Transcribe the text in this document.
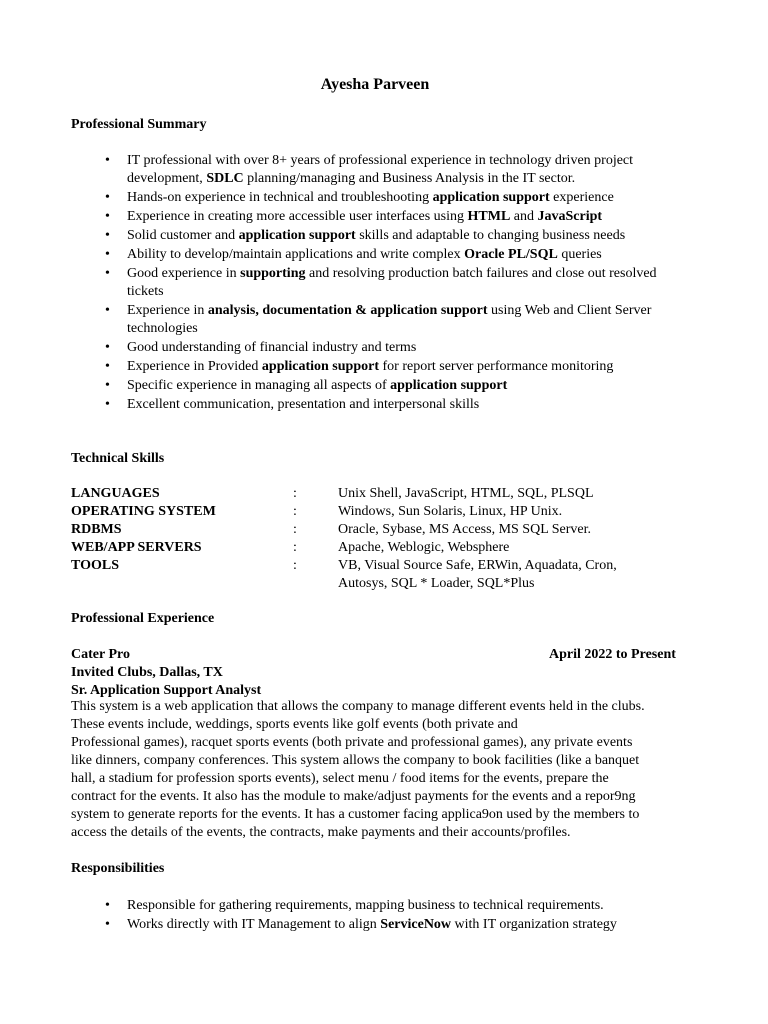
Ayesha Parveen
Professional Summary
• IT professional with over 8+ years of professional experience in technology driven project development, SDLC planning/managing and Business Analysis in the IT sector.
• Hands-on experience in technical and troubleshooting application support experience
• Experience in creating more accessible user interfaces using HTML and JavaScript
• Solid customer and application support skills and adaptable to changing business needs
• Ability to develop/maintain applications and write complex Oracle PL/SQL queries
• Good experience in supporting and resolving production batch failures and close out resolved tickets
• Experience in analysis, documentation & application support using Web and Client Server technologies
• Good understanding of financial industry and terms
• Experience in Provided application support for report server performance monitoring
• Specific experience in managing all aspects of application support
• Excellent communication, presentation and interpersonal skills
Technical Skills
LANGUAGES	:	Unix Shell, JavaScript, HTML, SQL, PLSQL
OPERATING SYSTEM	:	Windows, Sun Solaris, Linux, HP Unix.
RDBMS	:	Oracle, Sybase, MS Access, MS SQL Server.
WEB/APP SERVERS	:	Apache, Weblogic, Websphere
TOOLS	:	VB, Visual Source Safe, ERWin, Aquadata, Cron, Autosys, SQL * Loader, SQL*Plus
Professional Experience
Cater Pro	April 2022 to Present
Invited Clubs, Dallas, TX
Sr. Application Support Analyst
This system is a web application that allows the company to manage different events held in the clubs.
These events include, weddings, sports events like golf events (both private and
Professional games), racquet sports events (both private and professional games), any private events
like dinners, company conferences. This system allows the company to book facilities (like a banquet
hall, a stadium for profession sports events), select menu / food items for the events, prepare the
contract for the events. It also has the module to make/adjust payments for the events and a repor9ng
system to generate reports for the events. It has a customer facing applica9on used by the members to
access the details of the events, the contracts, make payments and their accounts/profiles.
Responsibilities
• Responsible for gathering requirements, mapping business to technical requirements.
• Works directly with IT Management to align ServiceNow with IT organization strategy
